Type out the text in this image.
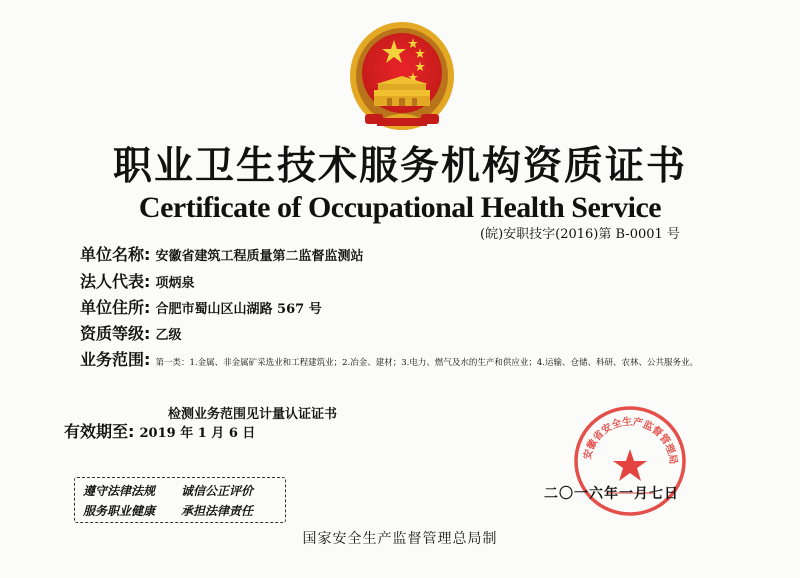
职业卫生技术服务机构资质证书
Certificate of Occupational Health Service
(皖)安职技字(2016)第 B-0001 号
单位名称: 安徽省建筑工程质量第二监督监测站
法人代表: 项炳泉
单位住所: 合肥市蜀山区山湖路 567 号
资质等级: 乙级
业务范围: 第一类：1.金属、非金属矿采选业和工程建筑业；2.冶金、建材；3.电力、燃气及水的生产和供应业；4.运输、仓储、科研、农林、公共服务业。
检测业务范围见计量认证证书
有效期至: 2019 年 1 月 6 日
遵守法律法规 诚信公正评价
服务职业健康 承担法律责任
安徽省安全生产监督管理局
二〇一六年一月七日
国家安全生产监督管理总局制
